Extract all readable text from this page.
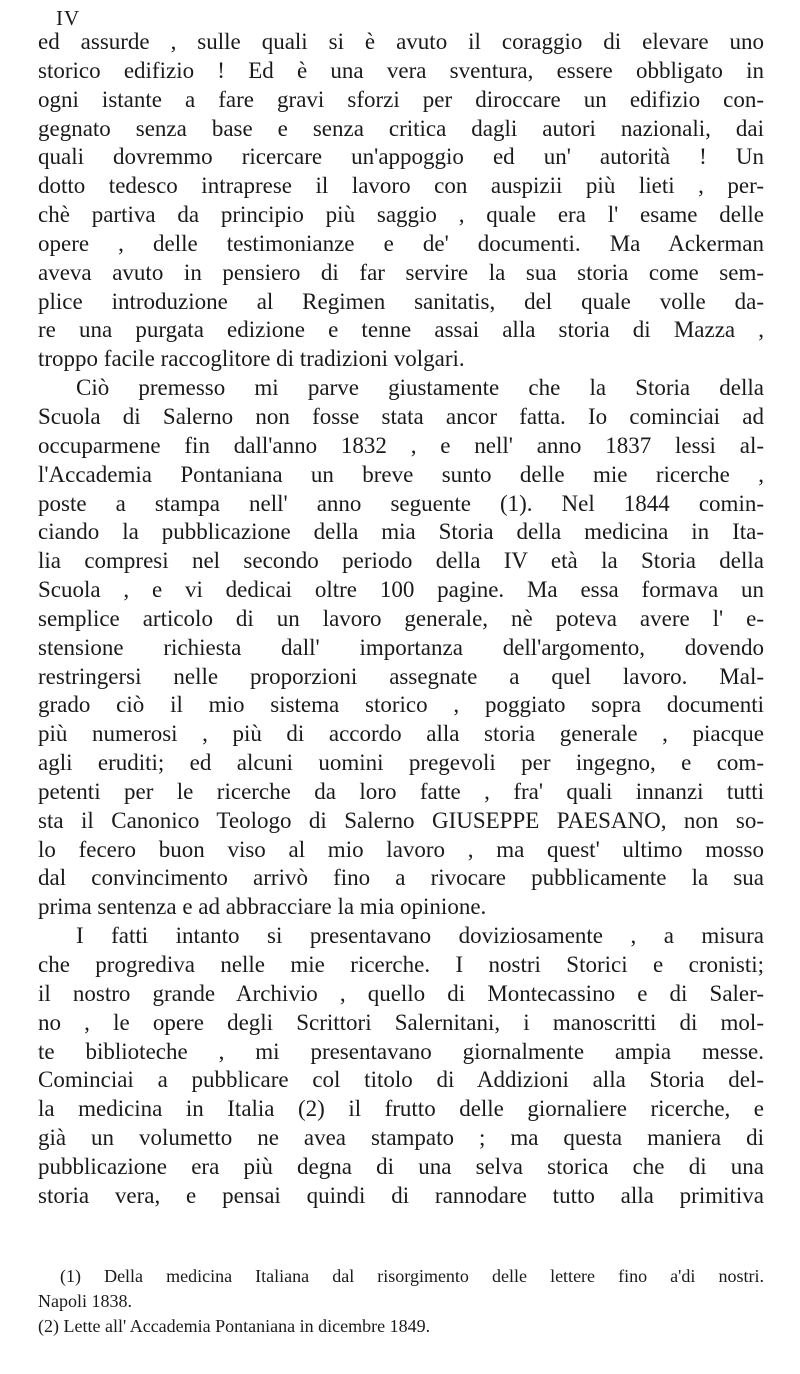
IV
ed assurde , sulle quali si è avuto il coraggio di elevare uno
storico edifizio ! Ed è una vera sventura, essere obbligato in
ogni istante a fare gravi sforzi per diroccare un edifizio con-
gegnato senza base e senza critica dagli autori nazionali, dai
quali dovremmo ricercare un'appoggio ed un' autorità ! Un
dotto tedesco intraprese il lavoro con auspizii più lieti , per-
chè partiva da principio più saggio , quale era l' esame delle
opere , delle testimonianze e de' documenti. Ma Ackerman
aveva avuto in pensiero di far servire la sua storia come sem-
plice introduzione al Regimen sanitatis, del quale volle da-
re una purgata edizione e tenne assai alla storia di Mazza ,
troppo facile raccoglitore di tradizioni volgari.
Ciò premesso mi parve giustamente che la Storia della
Scuola di Salerno non fosse stata ancor fatta. Io cominciai ad
occuparmene fin dall'anno 1832 , e nell' anno 1837 lessi al-
l'Accademia Pontaniana un breve sunto delle mie ricerche ,
poste a stampa nell' anno seguente (1). Nel 1844 comin-
ciando la pubblicazione della mia Storia della medicina in Ita-
lia compresi nel secondo periodo della IV età la Storia della
Scuola , e vi dedicai oltre 100 pagine. Ma essa formava un
semplice articolo di un lavoro generale, nè poteva avere l' e-
stensione richiesta dall' importanza dell'argomento, dovendo
restringersi nelle proporzioni assegnate a quel lavoro. Mal-
grado ciò il mio sistema storico , poggiato sopra documenti
più numerosi , più di accordo alla storia generale , piacque
agli eruditi; ed alcuni uomini pregevoli per ingegno, e com-
petenti per le ricerche da loro fatte , fra' quali innanzi tutti
sta il Canonico Teologo di Salerno GIUSEPPE PAESANO, non so-
lo fecero buon viso al mio lavoro , ma quest' ultimo mosso
dal convincimento arrivò fino a rivocare pubblicamente la sua
prima sentenza e ad abbracciare la mia opinione.
I fatti intanto si presentavano doviziosamente , a misura
che progrediva nelle mie ricerche. I nostri Storici e cronisti;
il nostro grande Archivio , quello di Montecassino e di Saler-
no , le opere degli Scrittori Salernitani, i manoscritti di mol-
te biblioteche , mi presentavano giornalmente ampia messe.
Cominciai a pubblicare col titolo di Addizioni alla Storia del-
la medicina in Italia (2) il frutto delle giornaliere ricerche, e
già un volumetto ne avea stampato ; ma questa maniera di
pubblicazione era più degna di una selva storica che di una
storia vera, e pensai quindi di rannodare tutto alla primitiva
(1) Della medicina Italiana dal risorgimento delle lettere fino a'di nostri.
Napoli 1838.
(2) Lette all' Accademia Pontaniana in dicembre 1849.
